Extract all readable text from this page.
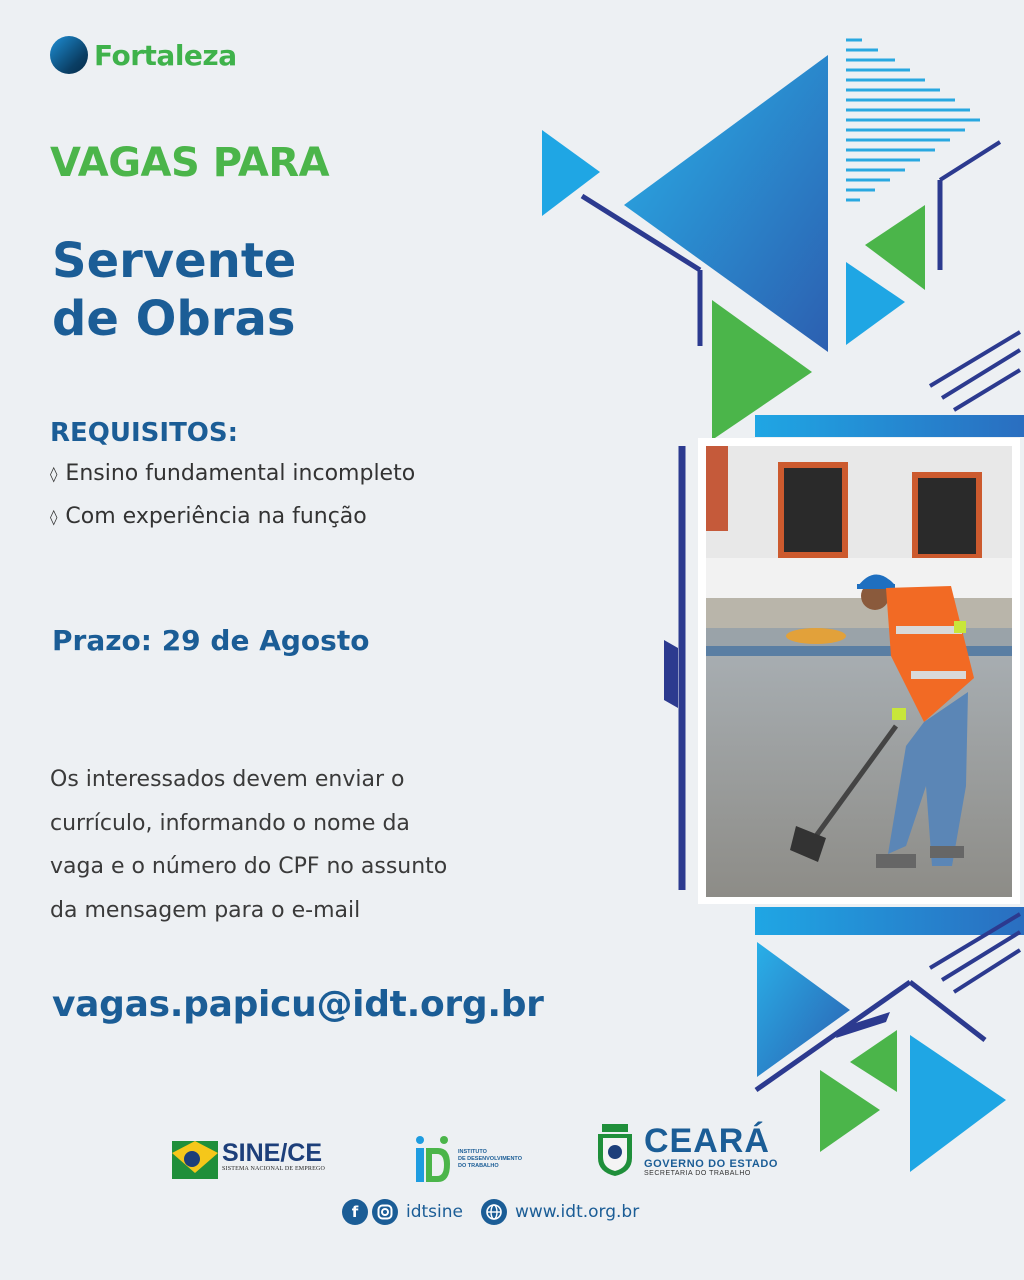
Fortaleza
VAGAS PARA
Servente
de Obras
REQUISITOS:
◊ Ensino fundamental incompleto
◊ Com experiência na função
Prazo: 29 de Agosto
Os interessados devem enviar o
currículo, informando o nome da
vaga e o número do CPF no assunto
da mensagem para o e-mail
vagas.papicu@idt.org.br
SINE/CE
SISTEMA NACIONAL DE EMPREGO
INSTITUTO
DE DESENVOLVIMENTO
DO TRABALHO
CEARÁ
GOVERNO DO ESTADO
SECRETARIA DO TRABALHO
f	idtsine	www.idt.org.br
